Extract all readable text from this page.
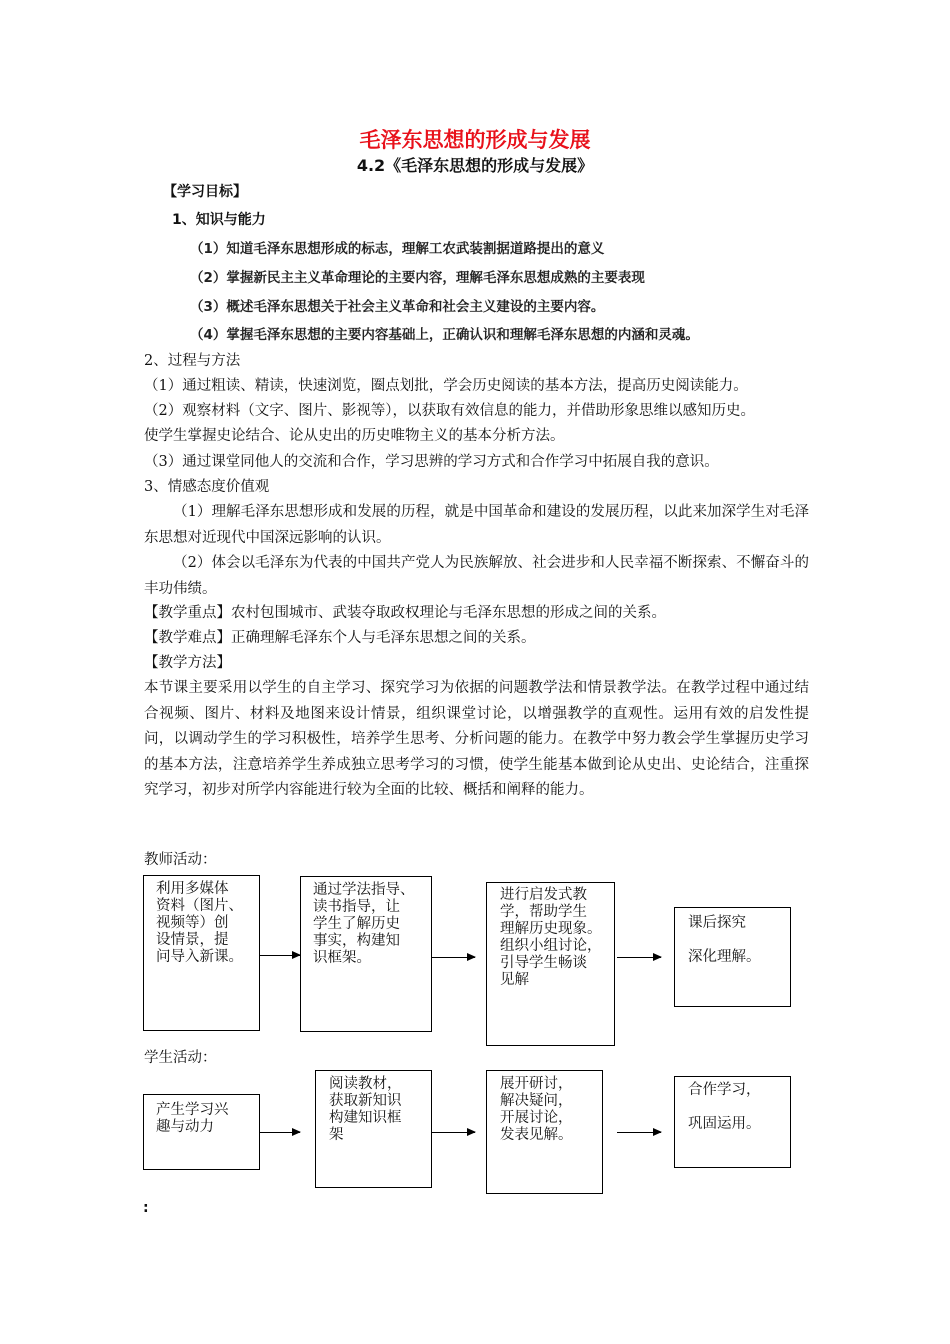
毛泽东思想的形成与发展
4.2《毛泽东思想的形成与发展》
【学习目标】
1、知识与能力
（1）知道毛泽东思想形成的标志，理解工农武装割据道路提出的意义
（2）掌握新民主主义革命理论的主要内容，理解毛泽东思想成熟的主要表现
（3）概述毛泽东思想关于社会主义革命和社会主义建设的主要内容。
（4）掌握毛泽东思想的主要内容基础上，正确认识和理解毛泽东思想的内涵和灵魂。
2、过程与方法
（1）通过粗读、精读，快速浏览，圈点划批，学会历史阅读的基本方法，提高历史阅读能力。
（2）观察材料（文字、图片、影视等），以获取有效信息的能力，并借助形象思维以感知历史。
使学生掌握史论结合、论从史出的历史唯物主义的基本分析方法。
（3）通过课堂同他人的交流和合作，学习思辨的学习方式和合作学习中拓展自我的意识。
3、情感态度价值观
（1）理解毛泽东思想形成和发展的历程，就是中国革命和建设的发展历程，以此来加深学生对毛泽东思想对近现代中国深远影响的认识。
（2）体会以毛泽东为代表的中国共产党人为民族解放、社会进步和人民幸福不断探索、不懈奋斗的丰功伟绩。
【教学重点】农村包围城市、武装夺取政权理论与毛泽东思想的形成之间的关系。
【教学难点】正确理解毛泽东个人与毛泽东思想之间的关系。
【教学方法】
本节课主要采用以学生的自主学习、探究学习为依据的问题教学法和情景教学法。在教学过程中通过结合视频、图片、材料及地图来设计情景，组织课堂讨论，以增强教学的直观性。运用有效的启发性提问，以调动学生的学习积极性，培养学生思考、分析问题的能力。在教学中努力教会学生掌握历史学习的基本方法，注意培养学生养成独立思考学习的习惯，使学生能基本做到论从史出、史论结合，注重探究学习，初步对所学内容能进行较为全面的比较、概括和阐释的能力。
教师活动：
利用多媒体
资料（图片、
视频等）创
设情景，提
问导入新课。
通过学法指导、
读书指导，让
学生了解历史
事实，构建知
识框架。
进行启发式教
学，帮助学生
理解历史现象。
组织小组讨论，
引导学生畅谈
见解
课后探究

深化理解。
学生活动：
产生学习兴
趣与动力
阅读教材，
获取新知识
构建知识框
架
展开研讨，
解决疑问，
开展讨论，
发表见解。
合作学习，

巩固运用。
:
